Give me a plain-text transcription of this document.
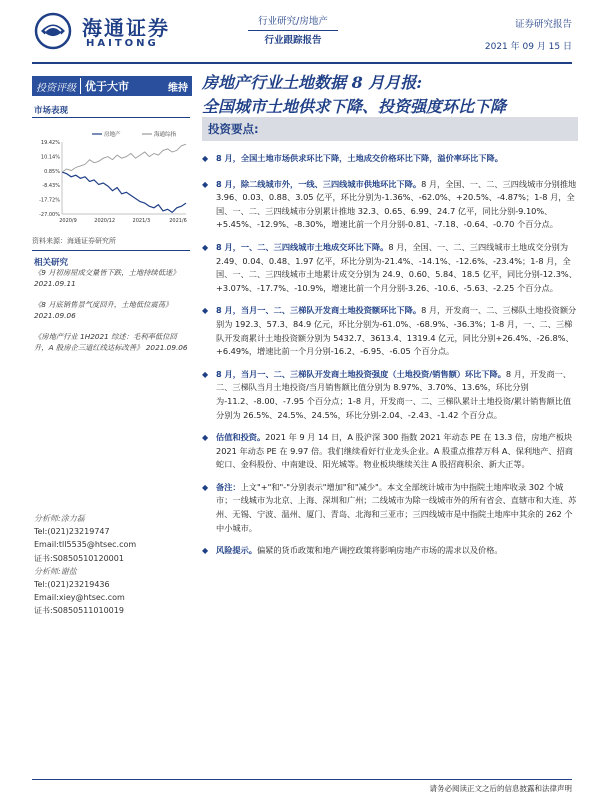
海通证券
HAITONG
行业研究/房地产
行业跟踪报告
证券研究报告
2021 年 09 月 15 日
投资评级 优于大市	维持 房地产行业土地数据 8 月月报:
全国城市土地供求下降、投资强度环比下降
市场表现
19.42%
10.14%
0.85%
-8.43%
-17.72%
-27.00%
2020/9	2020/12	2021/3	2021/6
房地产	海通综指
资料来源：海通证券研究所
相关研究
《9 月初房屋成交量皆下跌，土地持续低迷》 2021.09.11
《8 月底销售景气度回升，土地低位震荡》 2021.09.06
《房地产行业 1H2021 综述：毛利率低位回升，A 股房企三道红线达标改善》 2021.09.06
分析师:涂力磊
Tel:(021)23219747
Email:tll5535@htsec.com
证书:S0850510120001
分析师:谢盐
Tel:(021)23219436
Email:xiey@htsec.com
证书:S0850511010019
投资要点:
◆ 8 月，全国土地市场供求环比下降，土地成交价格环比下降，溢价率环比下降。
◆ 8 月，除二线城市外，一线、三四线城市供地环比下降。8 月，全国、一、二、三四线城市分别推地 3.96、0.03、0.88、3.05 亿平，环比分别为-1.36%、-62.0%、+20.5%、-4.87%；1-8 月，全国、一、二、三四线城市分别累计推地 32.3、0.65、6.99、24.7 亿平，同比分别-9.10%、+5.45%、-12.9%、-8.30%，增速比前一个月分别-0.81、-7.18、-0.64、-0.70 个百分点。
◆ 8 月，一、二、三四线城市土地成交环比下降。8 月，全国、一、二、三四线城市土地成交分别为 2.49、0.04、0.48、1.97 亿平，环比分别为-21.4%、-14.1%、-12.6%、-23.4%；1-8 月，全国、一、二、三四线城市土地累计成交分别为 24.9、0.60、5.84、18.5 亿平，同比分别-12.3%、+3.07%、-17.7%、-10.9%，增速比前一个月分别-3.26、-10.6、-5.63、-2.25 个百分点。
◆ 8 月，当月一、二、三梯队开发商土地投资额环比下降。8 月，开发商一、二、三梯队土地投资额分别为 192.3、57.3、84.9 亿元，环比分别为-61.0%、-68.9%、-36.3%；1-8 月，一、二、三梯队开发商累计土地投资额分别为 5432.7、3613.4、1319.4 亿元，同比分别+26.4%、-26.8%、+6.49%，增速比前一个月分别-16.2、-6.95、-6.05 个百分点。
◆ 8 月，当月一、二、三梯队开发商土地投资强度（土地投资/销售额）环比下降。8 月，开发商一、二、三梯队当月土地投资/当月销售额比值分别为 8.97%、3.70%、13.6%，环比分别为-11.2、-8.00、-7.95 个百分点；1-8 月，开发商一、二、三梯队累计土地投资/累计销售额比值分别为 26.5%、24.5%、24.5%，环比分别-2.04、-2.43、-1.42 个百分点。
◆ 估值和投资。2021 年 9 月 14 日，A 股沪深 300 指数 2021 年动态 PE 在 13.3 倍，房地产板块 2021 年动态 PE 在 9.97 倍。我们继续看好行业龙头企业。A 股重点推荐万科 A、保利地产、招商蛇口、金科股份、中南建设、阳光城等。物业板块继续关注 A 股招商积余、新大正等。
◆ 备注：上文"+"和"-"分别表示"增加"和"减少"。本文全部统计城市为中指院土地库收录 302 个城市；一线城市为北京、上海、深圳和广州；二线城市为除一线城市外的所有省会、直辖市和大连、苏州、无锡、宁波、温州、厦门、青岛、北海和三亚市；三四线城市是中指院土地库中其余的 262 个中小城市。
◆ 风险提示。偏紧的货币政策和地产调控政策将影响房地产市场的需求以及价格。
请务必阅读正文之后的信息披露和法律声明
